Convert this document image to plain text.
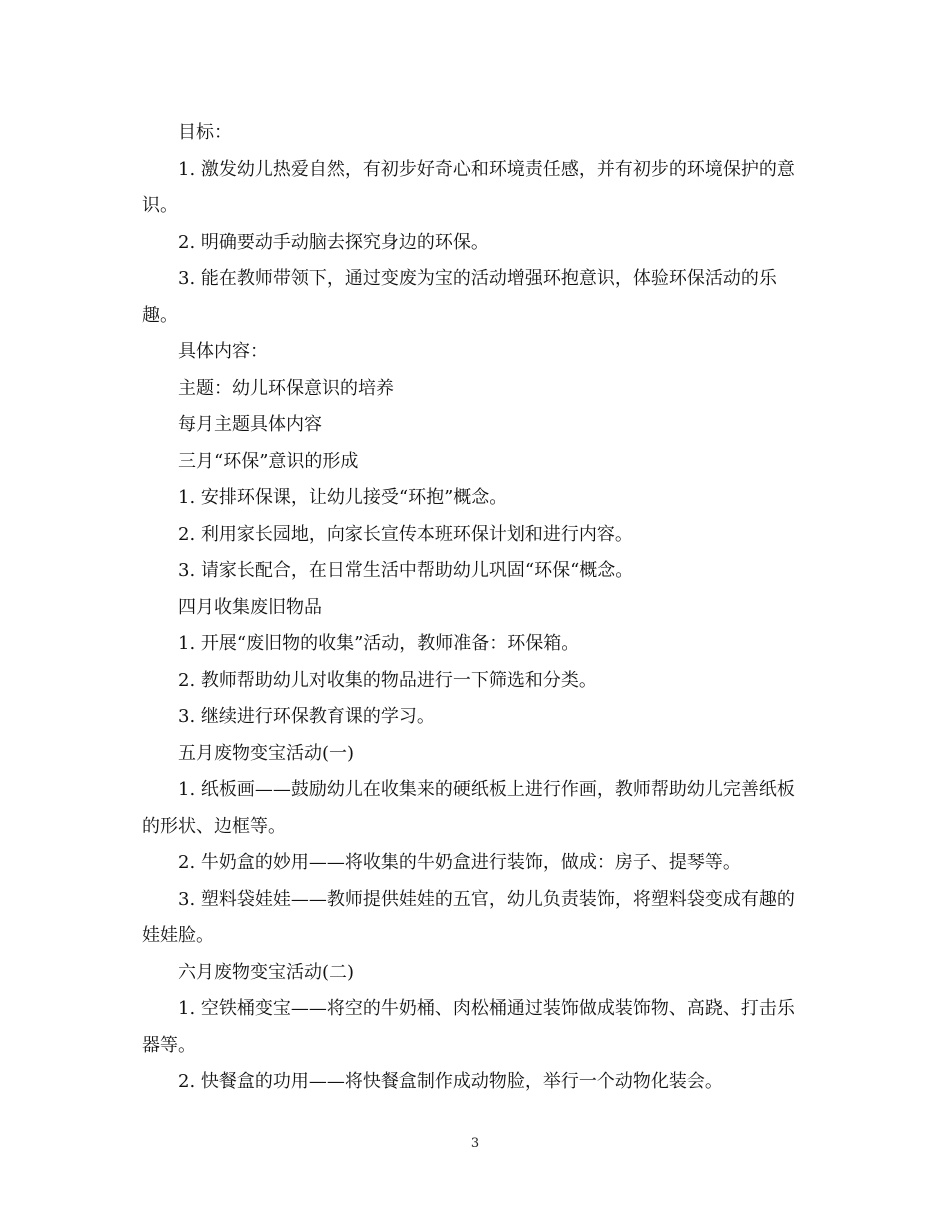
目标：

1. 激发幼儿热爱自然，有初步好奇心和环境责任感，并有初步的环境保护的意识。

2. 明确要动手动脑去探究身边的环保。

3. 能在教师带领下，通过变废为宝的活动增强环抱意识，体验环保活动的乐趣。

具体内容：

主题：幼儿环保意识的培养

每月主题具体内容

三月“环保”意识的形成

1. 安排环保课，让幼儿接受“环抱”概念。

2. 利用家长园地，向家长宣传本班环保计划和进行内容。

3. 请家长配合，在日常生活中帮助幼儿巩固“环保“概念。

四月收集废旧物品

1. 开展“废旧物的收集”活动，教师准备：环保箱。

2. 教师帮助幼儿对收集的物品进行一下筛选和分类。

3. 继续进行环保教育课的学习。

五月废物变宝活动(一)

1. 纸板画——鼓励幼儿在收集来的硬纸板上进行作画，教师帮助幼儿完善纸板的形状、边框等。

2. 牛奶盒的妙用——将收集的牛奶盒进行装饰，做成：房子、提琴等。

3. 塑料袋娃娃——教师提供娃娃的五官，幼儿负责装饰，将塑料袋变成有趣的娃娃脸。

六月废物变宝活动(二)

1. 空铁桶变宝——将空的牛奶桶、肉松桶通过装饰做成装饰物、高跷、打击乐器等。

2. 快餐盒的功用——将快餐盒制作成动物脸，举行一个动物化装会。

3
